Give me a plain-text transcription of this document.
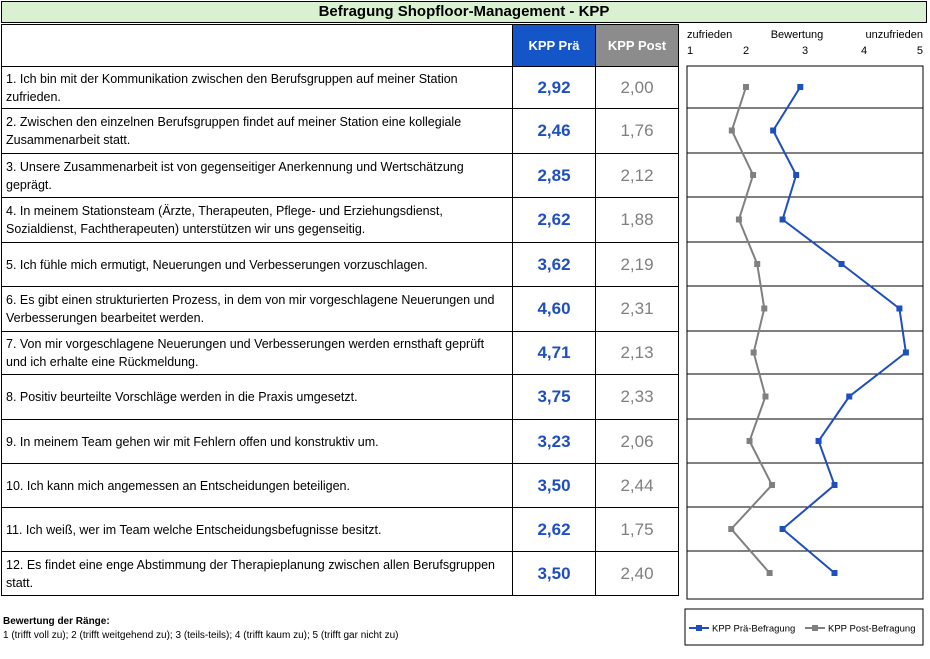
Befragung Shopfloor-Management - KPP
	KPP Prä	KPP Post
1. Ich bin mit der Kommunikation zwischen den Berufsgruppen auf meiner Station zufrieden.	2,92	2,00
2. Zwischen den einzelnen Berufsgruppen findet auf meiner Station eine kollegiale Zusammenarbeit statt.	2,46	1,76
3. Unsere Zusammenarbeit ist von gegenseitiger Anerkennung und Wertschätzung geprägt.	2,85	2,12
4. In meinem Stationsteam (Ärzte, Therapeuten, Pflege- und Erziehungsdienst, Sozialdienst, Fachtherapeuten) unterstützen wir uns gegenseitig.	2,62	1,88
5. Ich fühle mich ermutigt, Neuerungen und Verbesserungen vorzuschlagen.	3,62	2,19
6. Es gibt einen strukturierten Prozess, in dem von mir vorgeschlagene Neuerungen und Verbesserungen bearbeitet werden.	4,60	2,31
7. Von mir vorgeschlagene Neuerungen und Verbesserungen werden ernsthaft geprüft und ich erhalte eine Rückmeldung.	4,71	2,13
8. Positiv beurteilte Vorschläge werden in die Praxis umgesetzt.	3,75	2,33
9. In meinem Team gehen wir mit Fehlern offen und konstruktiv um.	3,23	2,06
10. Ich kann mich angemessen an Entscheidungen beteiligen.	3,50	2,44
11. Ich weiß, wer im Team welche Entscheidungsbefugnisse besitzt.	2,62	1,75
12. Es findet eine enge Abstimmung der Therapieplanung zwischen allen Berufsgruppen statt.	3,50	2,40
Bewertung der Ränge:
1 (trifft voll zu); 2 (trifft weitgehend zu); 3 (teils-teils); 4 (trifft kaum zu); 5 (trifft gar nicht zu)
zufrieden	Bewertung	unzufrieden
1	2	3	4	5
KPP Prä-Befragung	KPP Post-Befragung
